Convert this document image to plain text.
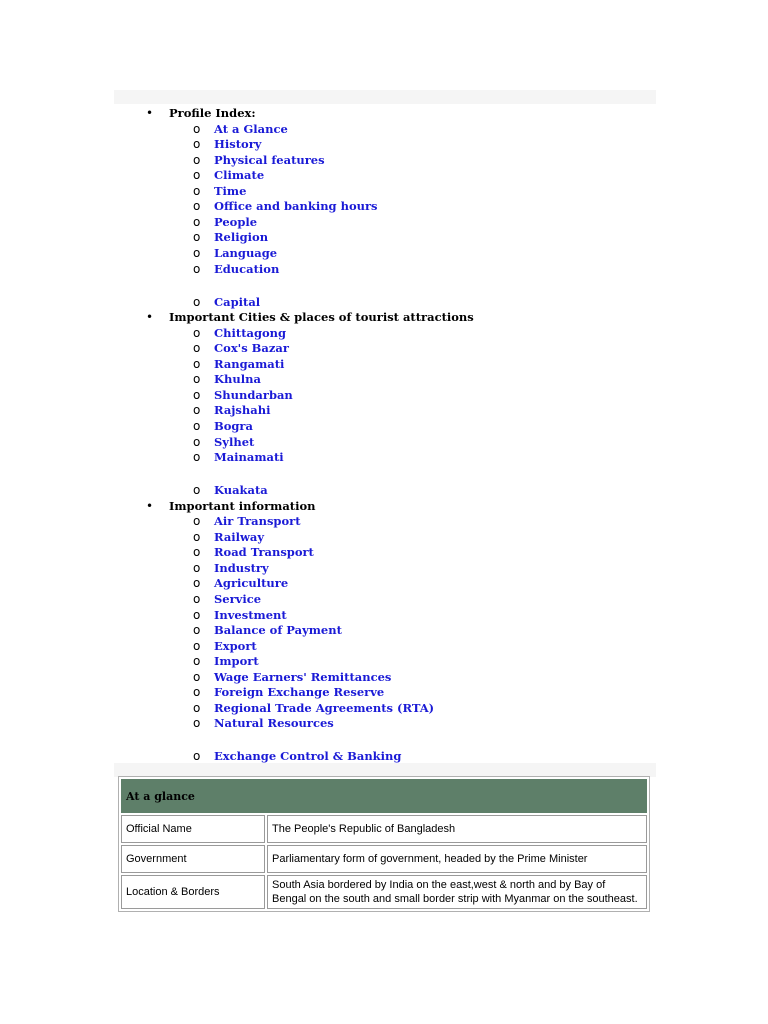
• Profile Index:
o At a Glance
o History
o Physical features
o Climate
o Time
o Office and banking hours
o People
o Religion
o Language
o Education
o Capital
• Important Cities & places of tourist attractions
o Chittagong
o Cox's Bazar
o Rangamati
o Khulna
o Shundarban
o Rajshahi
o Bogra
o Sylhet
o Mainamati
o Kuakata
• Important information
o Air Transport
o Railway
o Road Transport
o Industry
o Agriculture
o Service
o Investment
o Balance of Payment
o Export
o Import
o Wage Earners' Remittances
o Foreign Exchange Reserve
o Regional Trade Agreements (RTA)
o Natural Resources
o Exchange Control & Banking
At a glance	
Official Name	The People's Republic of Bangladesh
Government	Parliamentary form of government, headed by the Prime Minister
Location & Borders	South Asia bordered by India on the east,west & north and by Bay of Bengal on the south and small border strip with Myanmar on the southeast.
